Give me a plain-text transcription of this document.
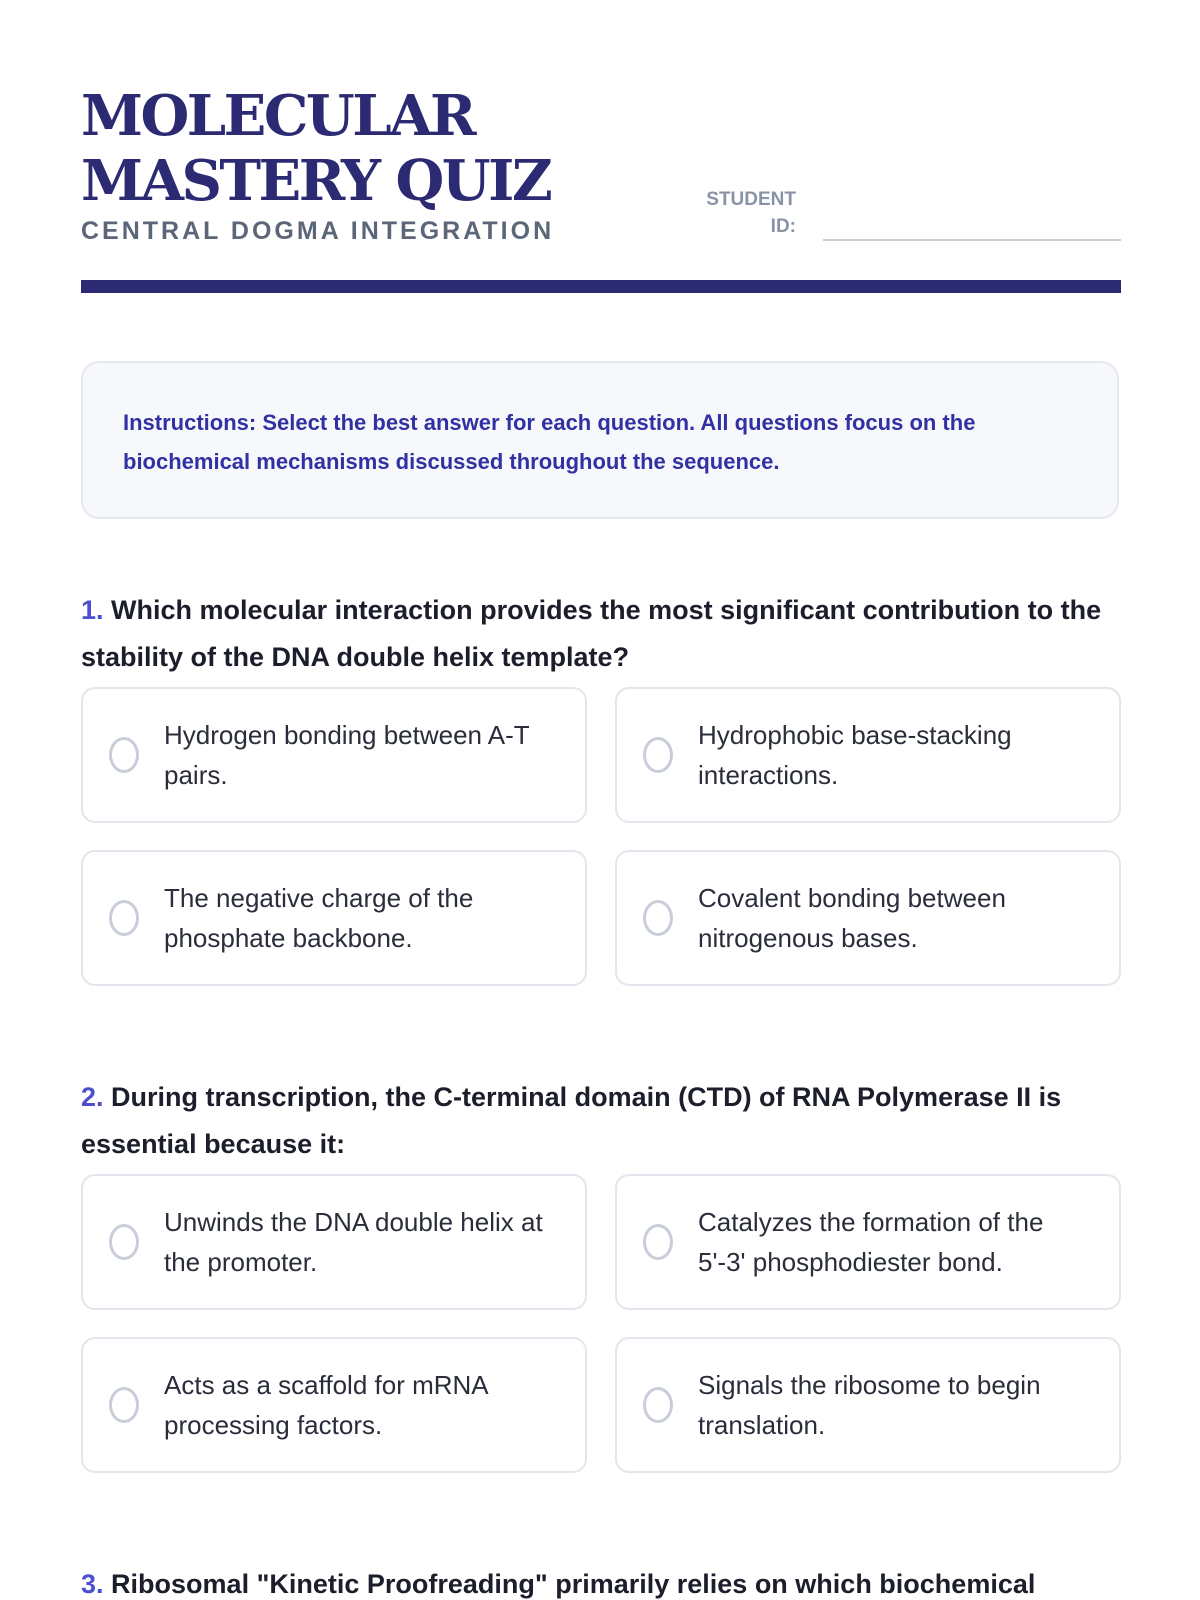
MOLECULAR
MASTERY QUIZ
CENTRAL DOGMA INTEGRATION
STUDENT
ID:

Instructions: Select the best answer for each question. All questions focus on the biochemical mechanisms discussed throughout the sequence.

1. Which molecular interaction provides the most significant contribution to the stability of the DNA double helix template?

Hydrogen bonding between A-T pairs.
Hydrophobic base-stacking interactions.
The negative charge of the phosphate backbone.
Covalent bonding between nitrogenous bases.

2. During transcription, the C-terminal domain (CTD) of RNA Polymerase II is essential because it:

Unwinds the DNA double helix at the promoter.
Catalyzes the formation of the 5'-3' phosphodiester bond.
Acts as a scaffold for mRNA processing factors.
Signals the ribosome to begin translation.

3. Ribosomal "Kinetic Proofreading" primarily relies on which biochemical
